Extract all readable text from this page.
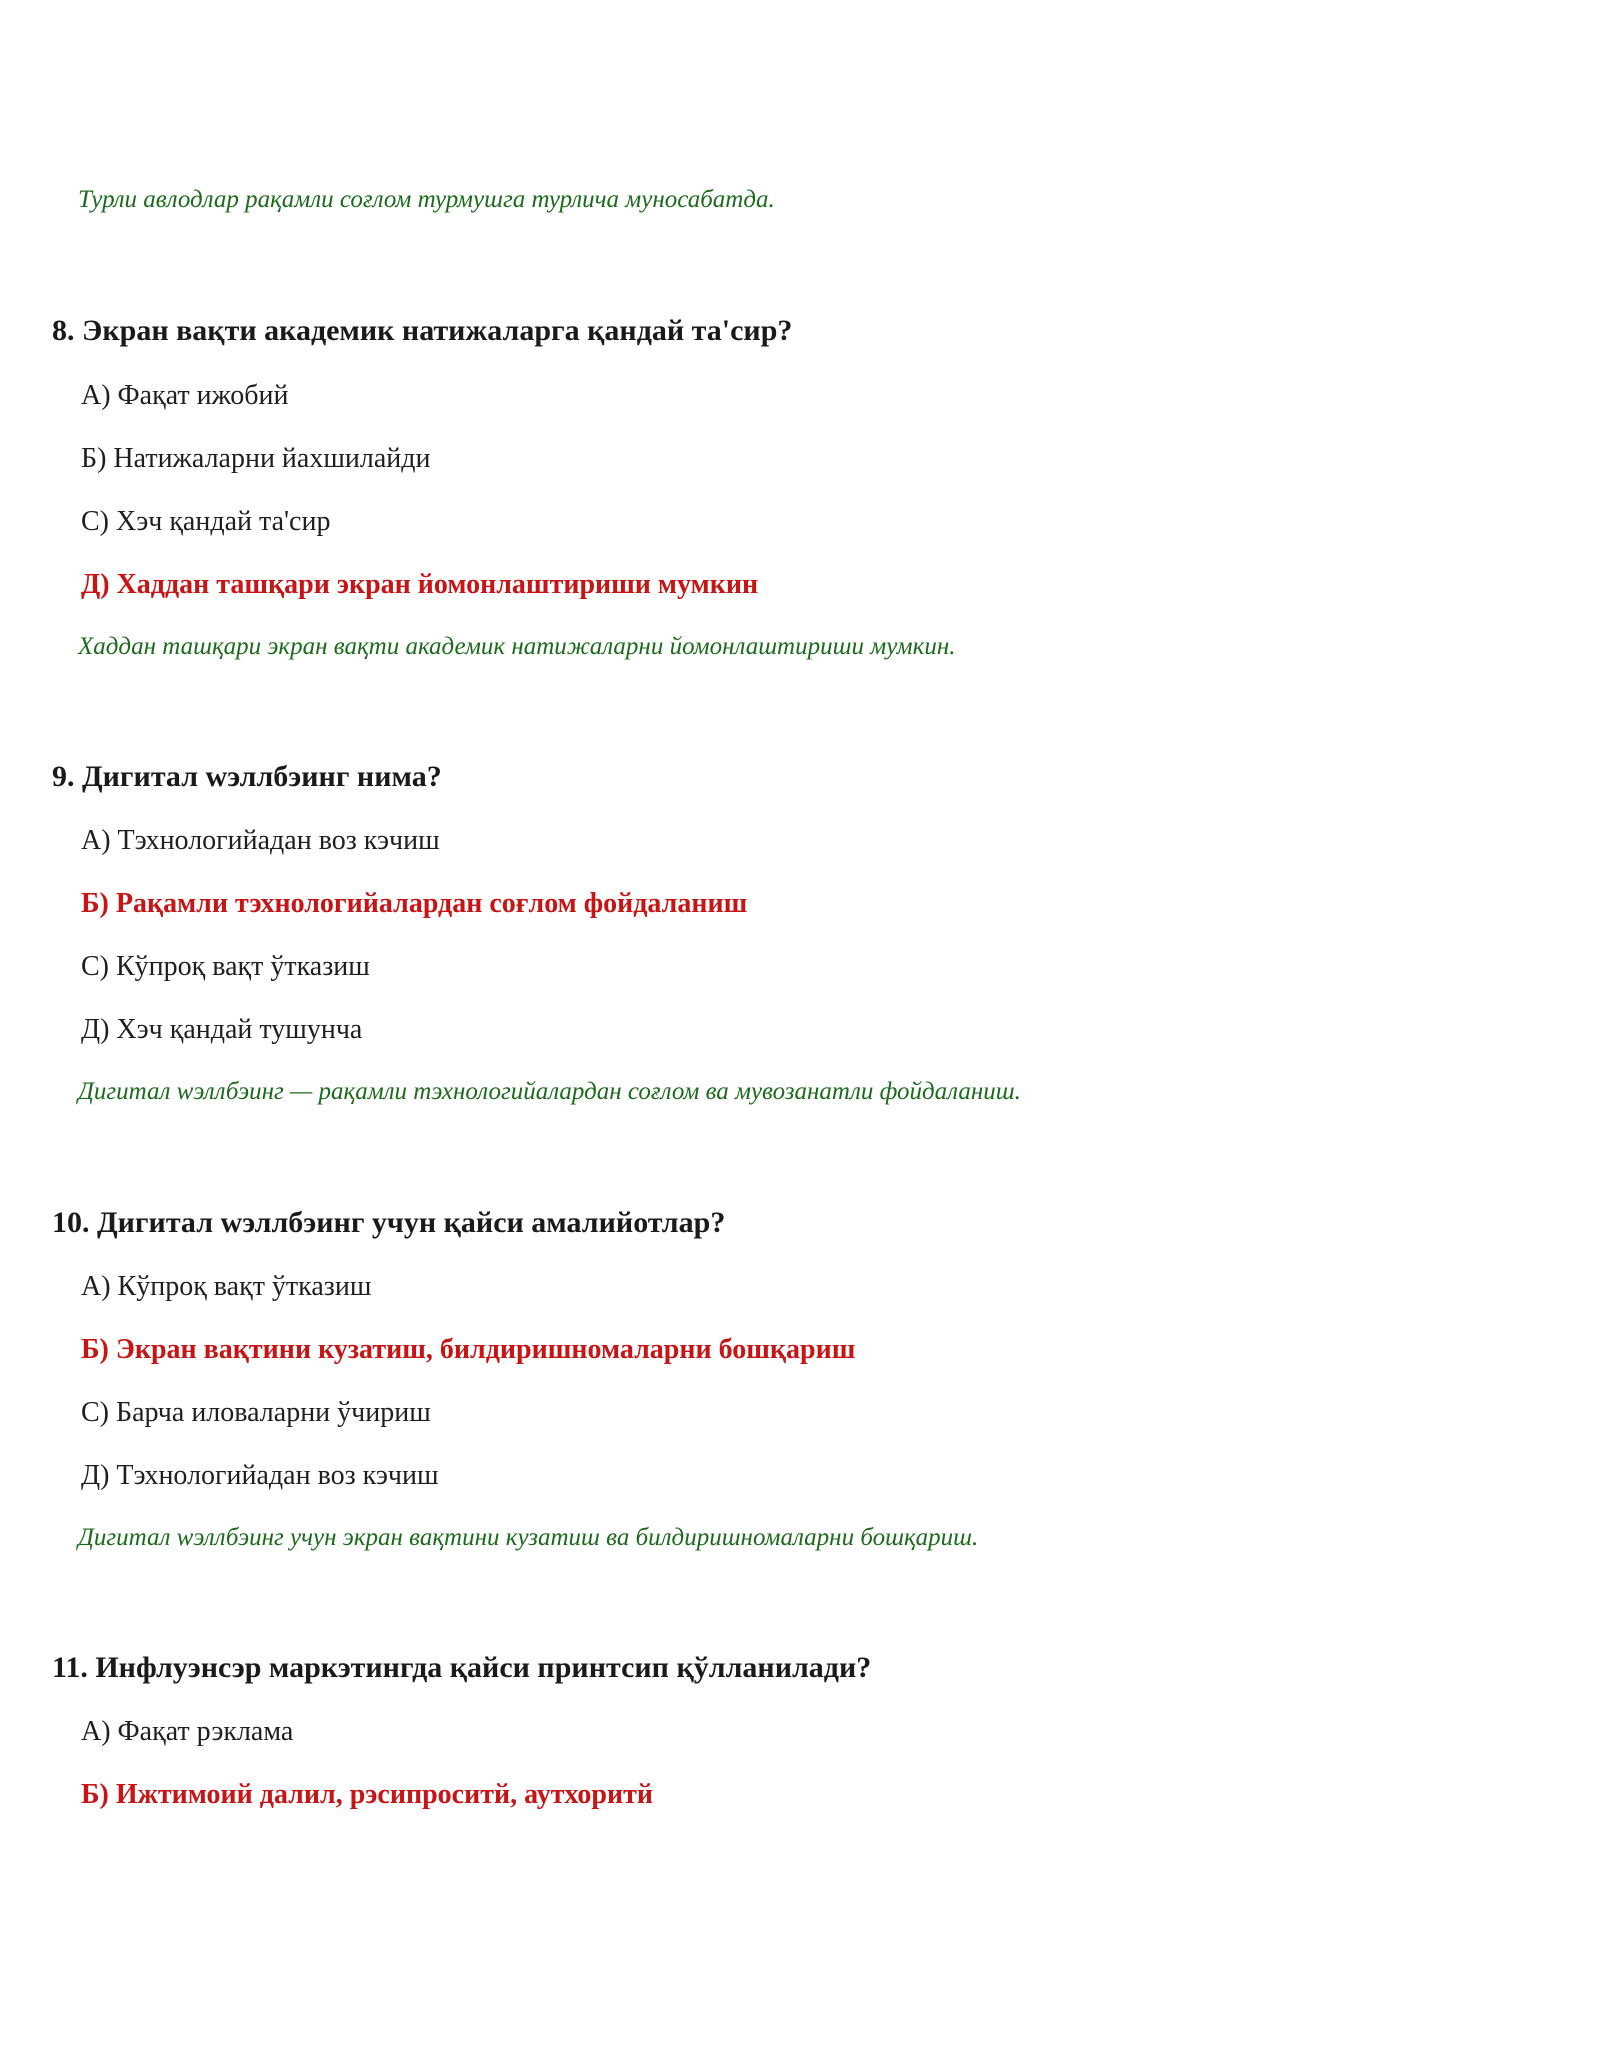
Турли авлодлар рақамли соғлом турмушга турлича муносабатда.
8. Экран вақти академик натижаларга қандай та'сир?
А) Фақат ижобий
Б) Натижаларни йахшилайди
С) Хэч қандай та'сир
Д) Хаддан ташқари экран йомонлаштириши мумкин
Хаддан ташқари экран вақти академик натижаларни йомонлаштириши мумкин.
9. Дигитал wэллбэинг нима?
А) Тэхнологийадан воз кэчиш
Б) Рақамли тэхнологийалардан соғлом фойдаланиш
С) Кўпроқ вақт ўтказиш
Д) Хэч қандай тушунча
Дигитал wэллбэинг — рақамли тэхнологийалардан соғлом ва мувозанатли фойдаланиш.
10. Дигитал wэллбэинг учун қайси амалийотлар?
А) Кўпроқ вақт ўтказиш
Б) Экран вақтини кузатиш, билдиришномаларни бошқариш
С) Барча иловаларни ўчириш
Д) Тэхнологийадан воз кэчиш
Дигитал wэллбэинг учун экран вақтини кузатиш ва билдиришномаларни бошқариш.
11. Инфлуэнсэр маркэтингда қайси принтсип қўлланилади?
А) Фақат рэклама
Б) Ижтимоий далил, рэсипроситй, аутхоритй
